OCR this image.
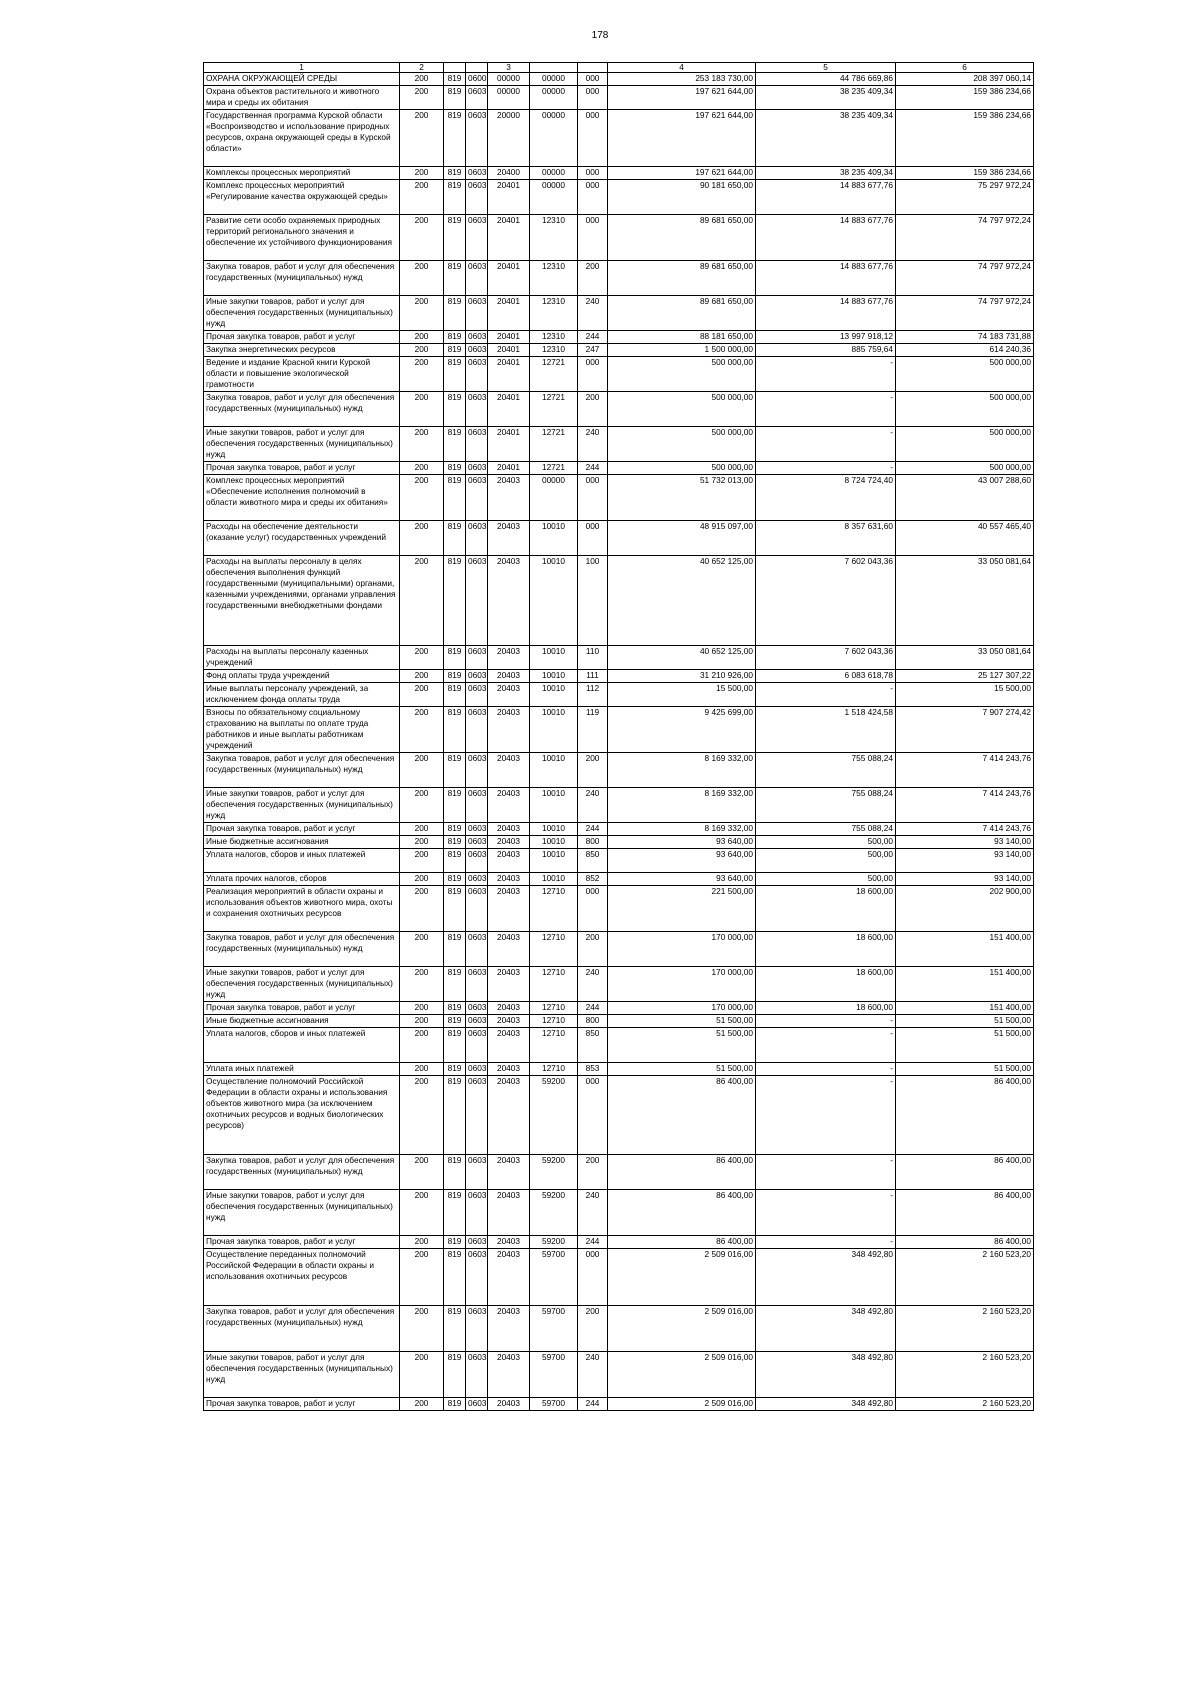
178
1	2			3			4	5	6
ОХРАНА ОКРУЖАЮЩЕЙ СРЕДЫ	200	819	0600	00000	00000	000	253 183 730,00	44 786 669,86	208 397 060,14
Охрана объектов растительного и животного мира и среды их обитания	200	819	0603	00000	00000	000	197 621 644,00	38 235 409,34	159 386 234,66
Государственная программа Курской области «Воспроизводство и использование природных ресурсов, охрана окружающей среды в Курской области»	200	819	0603	20000	00000	000	197 621 644,00	38 235 409,34	159 386 234,66
Комплексы процессных мероприятий	200	819	0603	20400	00000	000	197 621 644,00	38 235 409,34	159 386 234,66
Комплекс процессных мероприятий «Регулирование качества окружающей среды»	200	819	0603	20401	00000	000	90 181 650,00	14 883 677,76	75 297 972,24
Развитие сети особо охраняемых природных территорий регионального значения и обеспечение их устойчивого функционирования	200	819	0603	20401	12310	000	89 681 650,00	14 883 677,76	74 797 972,24
Закупка товаров, работ и услуг для обеспечения государственных (муниципальных) нужд	200	819	0603	20401	12310	200	89 681 650,00	14 883 677,76	74 797 972,24
Иные закупки товаров, работ и услуг для обеспечения государственных (муниципальных) нужд	200	819	0603	20401	12310	240	89 681 650,00	14 883 677,76	74 797 972,24
Прочая закупка товаров, работ и услуг	200	819	0603	20401	12310	244	88 181 650,00	13 997 918,12	74 183 731,88
Закупка энергетических ресурсов	200	819	0603	20401	12310	247	1 500 000,00	885 759,64	614 240,36
Ведение и издание Красной книги Курской области и повышение экологической грамотности	200	819	0603	20401	12721	000	500 000,00	-	500 000,00
Закупка товаров, работ и услуг для обеспечения государственных (муниципальных) нужд	200	819	0603	20401	12721	200	500 000,00	-	500 000,00
Иные закупки товаров, работ и услуг для обеспечения государственных (муниципальных) нужд	200	819	0603	20401	12721	240	500 000,00	-	500 000,00
Прочая закупка товаров, работ и услуг	200	819	0603	20401	12721	244	500 000,00	-	500 000,00
Комплекс процессных мероприятий «Обеспечение исполнения полномочий в области животного мира и среды их обитания»	200	819	0603	20403	00000	000	51 732 013,00	8 724 724,40	43 007 288,60
Расходы на обеспечение деятельности (оказание услуг) государственных учреждений	200	819	0603	20403	10010	000	48 915 097,00	8 357 631,60	40 557 465,40
Расходы на выплаты персоналу в целях обеспечения выполнения функций государственными (муниципальными) органами, казенными учреждениями, органами управления государственными внебюджетными фондами	200	819	0603	20403	10010	100	40 652 125,00	7 602 043,36	33 050 081,64
Расходы на выплаты персоналу казенных учреждений	200	819	0603	20403	10010	110	40 652 125,00	7 602 043,36	33 050 081,64
Фонд оплаты труда учреждений	200	819	0603	20403	10010	111	31 210 926,00	6 083 618,78	25 127 307,22
Иные выплаты персоналу учреждений, за исключением фонда оплаты труда	200	819	0603	20403	10010	112	15 500,00	-	15 500,00
Взносы по обязательному социальному страхованию на выплаты по оплате труда работников и иные выплаты работникам учреждений	200	819	0603	20403	10010	119	9 425 699,00	1 518 424,58	7 907 274,42
Закупка товаров, работ и услуг для обеспечения государственных (муниципальных) нужд	200	819	0603	20403	10010	200	8 169 332,00	755 088,24	7 414 243,76
Иные закупки товаров, работ и услуг для обеспечения государственных (муниципальных) нужд	200	819	0603	20403	10010	240	8 169 332,00	755 088,24	7 414 243,76
Прочая закупка товаров, работ и услуг	200	819	0603	20403	10010	244	8 169 332,00	755 088,24	7 414 243,76
Иные бюджетные ассигнования	200	819	0603	20403	10010	800	93 640,00	500,00	93 140,00
Уплата налогов, сборов и иных платежей	200	819	0603	20403	10010	850	93 640,00	500,00	93 140,00
Уплата прочих налогов, сборов	200	819	0603	20403	10010	852	93 640,00	500,00	93 140,00
Реализация мероприятий в области охраны и использования объектов животного мира, охоты и сохранения охотничьих ресурсов	200	819	0603	20403	12710	000	221 500,00	18 600,00	202 900,00
Закупка товаров, работ и услуг для обеспечения государственных (муниципальных) нужд	200	819	0603	20403	12710	200	170 000,00	18 600,00	151 400,00
Иные закупки товаров, работ и услуг для обеспечения государственных (муниципальных) нужд	200	819	0603	20403	12710	240	170 000,00	18 600,00	151 400,00
Прочая закупка товаров, работ и услуг	200	819	0603	20403	12710	244	170 000,00	18 600,00	151 400,00
Иные бюджетные ассигнования	200	819	0603	20403	12710	800	51 500,00	-	51 500,00
Уплата налогов, сборов и иных платежей	200	819	0603	20403	12710	850	51 500,00	-	51 500,00
Уплата иных платежей	200	819	0603	20403	12710	853	51 500,00	-	51 500,00
Осуществление полномочий Российской Федерации в области охраны и использования объектов животного мира (за исключением охотничьих ресурсов и водных биологических ресурсов)	200	819	0603	20403	59200	000	86 400,00	-	86 400,00
Закупка товаров, работ и услуг для обеспечения государственных (муниципальных) нужд	200	819	0603	20403	59200	200	86 400,00	-	86 400,00
Иные закупки товаров, работ и услуг для обеспечения государственных (муниципальных) нужд	200	819	0603	20403	59200	240	86 400,00	-	86 400,00
Прочая закупка товаров, работ и услуг	200	819	0603	20403	59200	244	86 400,00	-	86 400,00
Осуществление переданных полномочий Российской Федерации в области охраны и использования охотничьих ресурсов	200	819	0603	20403	59700	000	2 509 016,00	348 492,80	2 160 523,20
Закупка товаров, работ и услуг для обеспечения государственных (муниципальных) нужд	200	819	0603	20403	59700	200	2 509 016,00	348 492,80	2 160 523,20
Иные закупки товаров, работ и услуг для обеспечения государственных (муниципальных) нужд	200	819	0603	20403	59700	240	2 509 016,00	348 492,80	2 160 523,20
Прочая закупка товаров, работ и услуг	200	819	0603	20403	59700	244	2 509 016,00	348 492,80	2 160 523,20
